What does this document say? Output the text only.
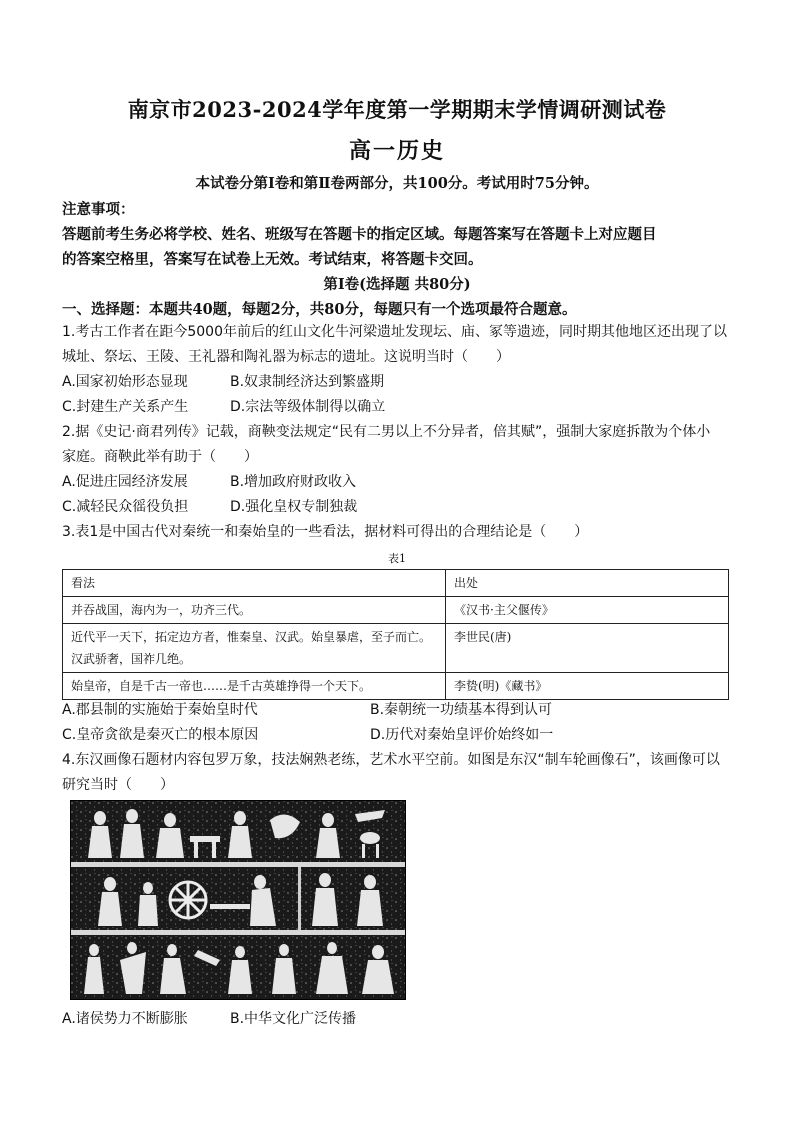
南京市2023-2024学年度第一学期期末学情调研测试卷
高一历史
本试卷分第Ⅰ卷和第Ⅱ卷两部分，共100分。考试用时75分钟。
注意事项：
答题前考生务必将学校、姓名、班级写在答题卡的指定区域。每题答案写在答题卡上对应题目
的答案空格里，答案写在试卷上无效。考试结束，将答题卡交回。
第Ⅰ卷(选择题 共80分)
一、选择题：本题共40题，每题2分，共80分，每题只有一个选项最符合题意。
1.考古工作者在距今5000年前后的红山文化牛河梁遗址发现坛、庙、冢等遗迹，同时期其他地区还出现了以
城址、祭坛、王陵、王礼器和陶礼器为标志的遗址。这说明当时（　　）
A.国家初始形态显现	B.奴隶制经济达到繁盛期
C.封建生产关系产生	D.宗法等级体制得以确立
2.据《史记·商君列传》记载，商鞅变法规定“民有二男以上不分异者，倍其赋”，强制大家庭拆散为个体小
家庭。商鞅此举有助于（　　）
A.促进庄园经济发展	B.增加政府财政收入
C.减轻民众徭役负担	D.强化皇权专制独裁
3.表1是中国古代对秦统一和秦始皇的一些看法，据材料可得出的合理结论是（　　）
表1
看法	出处
并吞战国，海内为一，功齐三代。	《汉书·主父偃传》
近代平一天下，拓定边方者，惟秦皇、汉武。始皇暴虐，至子而亡。汉武骄奢，国祚几绝。	李世民(唐)
始皇帝，自是千古一帝也……是千古英雄挣得一个天下。	李贽(明)《藏书》
A.郡县制的实施始于秦始皇时代	B.秦朝统一功绩基本得到认可
C.皇帝贪欲是秦灭亡的根本原因	D.历代对秦始皇评价始终如一
4.东汉画像石题材内容包罗万象，技法娴熟老练，艺术水平空前。如图是东汉“制车轮画像石”，该画像可以
研究当时（　　）
A.诸侯势力不断膨胀	B.中华文化广泛传播
